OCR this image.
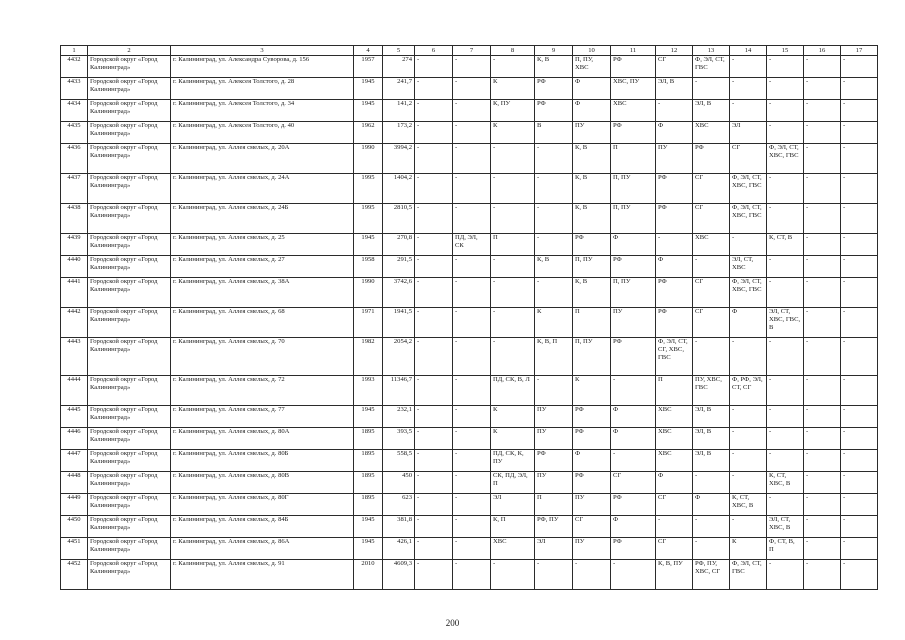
1	2	3	4	5	6	7	8	9	10	11	12	13	14	15	16	17
4432	Городской округ «Город Калининград»	г. Калининград, ул. Александра Суворова, д. 156	1957	274	-	-	-	К, В	П, ПУ, ХВС	РФ	СГ	Ф, ЭЛ, СТ, ГВС	-	-	-	-
4433	Городской округ «Город Калининград»	г. Калининград, ул. Алексея Толстого, д. 28	1945	241,7	-	-	К	РФ	Ф	ХВС, ПУ	ЭЛ, В	-	-	-	-	-
4434	Городской округ «Город Калининград»	г. Калининград, ул. Алексея Толстого, д. 34	1945	141,2	-	-	К, ПУ	РФ	Ф	ХВС	-	ЭЛ, В	-	-	-	-
4435	Городской округ «Город Калининград»	г. Калининград, ул. Алексея Толстого, д. 40	1962	173,2	-	-	К	В	ПУ	РФ	Ф	ХВС	ЭЛ	-	-	-
4436	Городской округ «Город Калининград»	г. Калининград, ул. Аллея смелых, д. 20А	1990	3994,2	-	-	-	-	К, В	П	ПУ	РФ	СГ	Ф, ЭЛ, СТ, ХВС, ГВС	-	-
4437	Городской округ «Город Калининград»	г. Калининград, ул. Аллея смелых, д. 24А	1995	1404,2	-	-	-	-	К, В	П, ПУ	РФ	СГ	Ф, ЭЛ, СТ, ХВС, ГВС	-	-	-
4438	Городской округ «Город Калининград»	г. Калининград, ул. Аллея смелых, д. 24Б	1995	2810,5	-	-	-	-	К, В	П, ПУ	РФ	СГ	Ф, ЭЛ, СТ, ХВС, ГВС	-	-	-
4439	Городской округ «Город Калининград»	г. Калининград, ул. Аллея смелых, д. 25	1945	270,8	-	ПД, ЭЛ, СК	П	-	РФ	Ф	-	ХВС	-	К, СТ, В	-	-
4440	Городской округ «Город Калининград»	г. Калининград, ул. Аллея смелых, д. 27	1958	291,5	-	-	-	К, В	П, ПУ	РФ	Ф	-	ЭЛ, СТ, ХВС	-	-	-
4441	Городской округ «Город Калининград»	г. Калининград, ул. Аллея смелых, д. 38А	1990	3742,6	-	-	-	-	К, В	П, ПУ	РФ	СГ	Ф, ЭЛ, СТ, ХВС, ГВС	-	-	-
4442	Городской округ «Город Калининград»	г. Калининград, ул. Аллея смелых, д. 68	1971	1941,5	-	-	-	К	П	ПУ	РФ	СГ	Ф	ЭЛ, СТ, ХВС, ГВС, В	-	-
4443	Городской округ «Город Калининград»	г. Калининград, ул. Аллея смелых, д. 70	1982	2054,2	-	-	-	К, В, П	П, ПУ	РФ	Ф, ЭЛ, СТ, СГ, ХВС, ГВС	-	-	-	-	-
4444	Городской округ «Город Калининград»	г. Калининград, ул. Аллея смелых, д. 72	1993	11346,7	-	-	ПД, СК, В, Л	-	К	-	П	ПУ, ХВС, ГВС	Ф, РФ, ЭЛ, СТ, СГ	-	-	-
4445	Городской округ «Город Калининград»	г. Калининград, ул. Аллея смелых, д. 77	1945	232,1	-	-	К	ПУ	РФ	Ф	ХВС	ЭЛ, В	-	-	-	-
4446	Городской округ «Город Калининград»	г. Калининград, ул. Аллея смелых, д. 80А	1895	393,5	-	-	К	ПУ	РФ	Ф	ХВС	ЭЛ, В	-	-	-	-
4447	Городской округ «Город Калининград»	г. Калининград, ул. Аллея смелых, д. 80Б	1895	558,5	-	-	ПД, СК, К, ПУ	РФ	Ф	-	ХВС	ЭЛ, В	-	-	-	-
4448	Городской округ «Город Калининград»	г. Калининград, ул. Аллея смелых, д. 80В	1895	450	-	-	СК, ПД, ЭЛ, П	ПУ	РФ	СГ	Ф	-	-	К, СТ, ХВС, В	-	-
4449	Городской округ «Город Калининград»	г. Калининград, ул. Аллея смелых, д. 80Г	1895	623	-	-	ЭЛ	П	ПУ	РФ	СГ	Ф	К, СТ, ХВС, В	-	-	-
4450	Городской округ «Город Калининград»	г. Калининград, ул. Аллея смелых, д. 84Б	1945	381,8	-	-	К, П	РФ, ПУ	СГ	Ф	-	-	-	ЭЛ, СТ, ХВС, В	-	-
4451	Городской округ «Город Калининград»	г. Калининград, ул. Аллея смелых, д. 86А	1945	426,1	-	-	ХВС	ЭЛ	ПУ	РФ	СГ	-	К	Ф, СТ, В, П	-	-
4452	Городской округ «Город Калининград»	г. Калининград, ул. Аллея смелых, д. 91	2010	4609,3	-	-	-	-	-	-	К, В, ПУ	РФ, ПУ, ХВС, СГ	Ф, ЭЛ, СТ, ГВС	-	-	-
200
